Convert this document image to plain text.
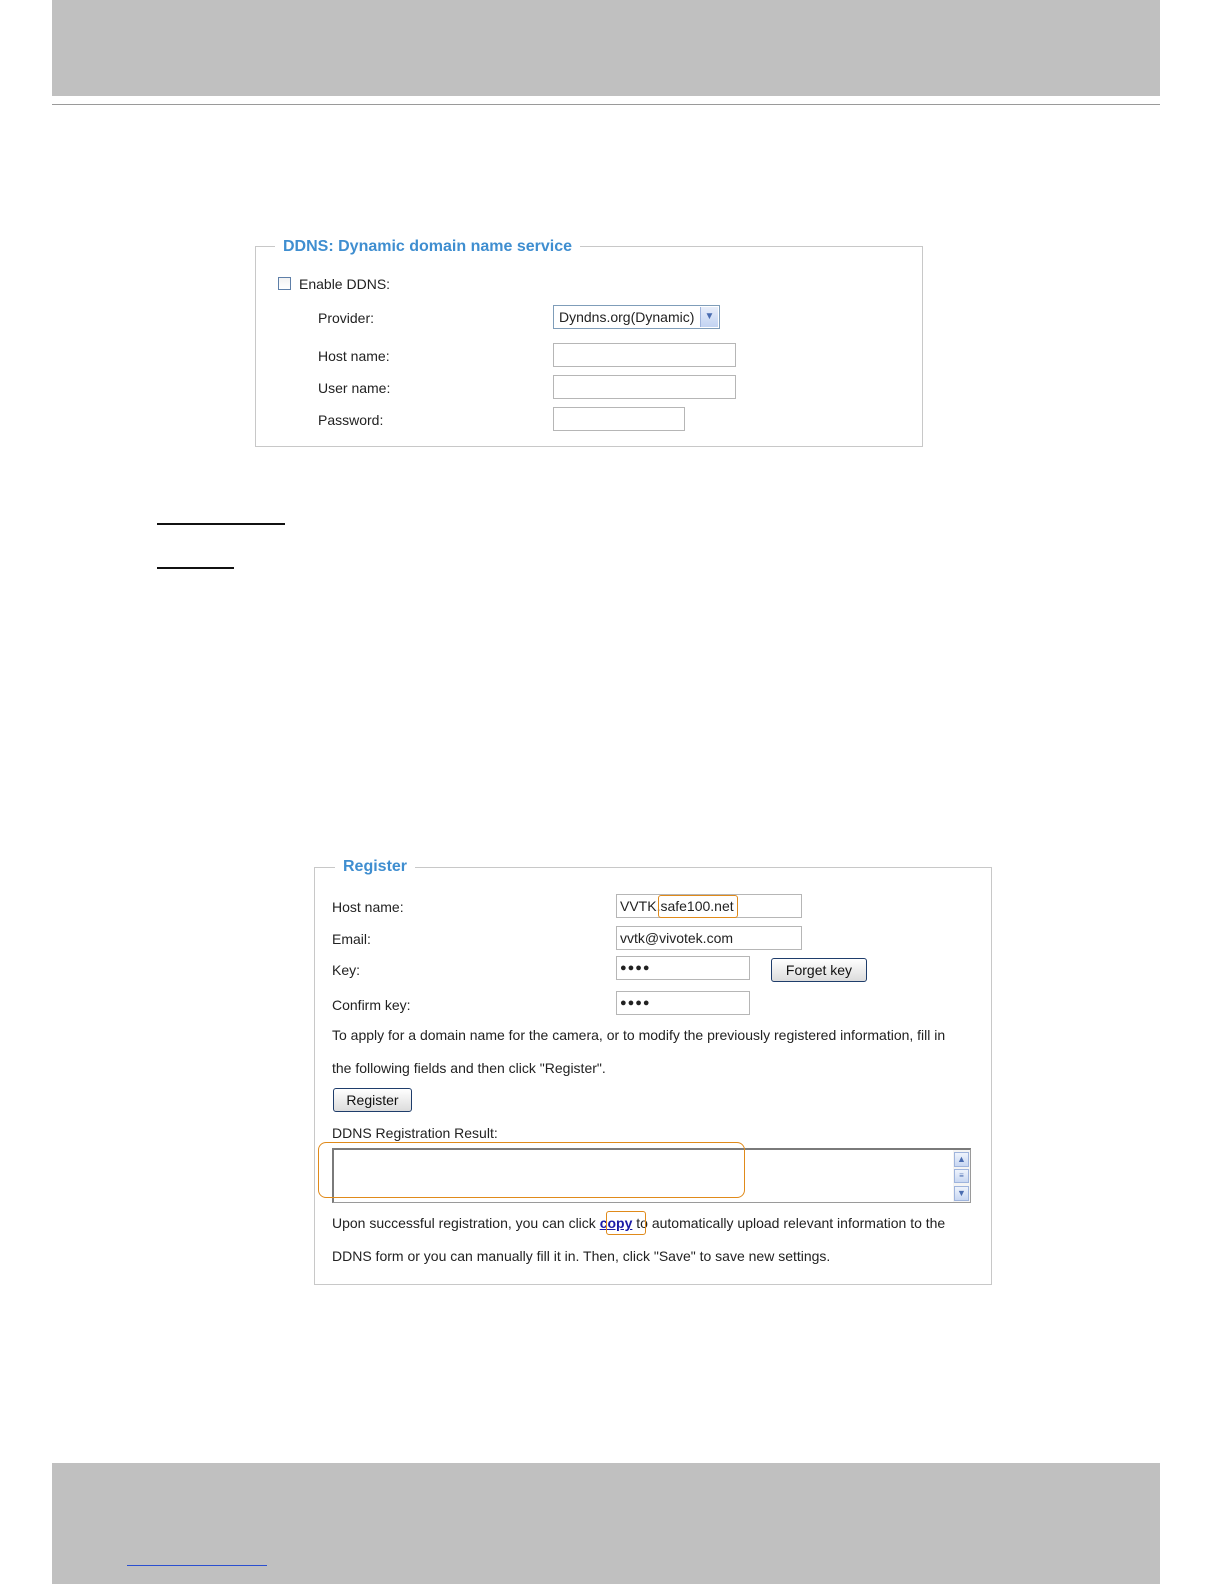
DDNS: Dynamic domain name service
Enable DDNS:
Provider:	Dyndns.org(Dynamic)	▼
Host name:
User name:
Password:
Register
Host name:	VVTK.safe100.net
Email:	vvtk@vivotek.com
Key:	●●●●	Forget key
Confirm key:	●●●●
To apply for a domain name for the camera, or to modify the previously registered information, fill in
the following fields and then click "Register".
Register
DDNS Registration Result:
▲
≡
▼
Upon successful registration, you can click copy to automatically upload relevant information to the
DDNS form or you can manually fill it in. Then, click "Save" to save new settings.
